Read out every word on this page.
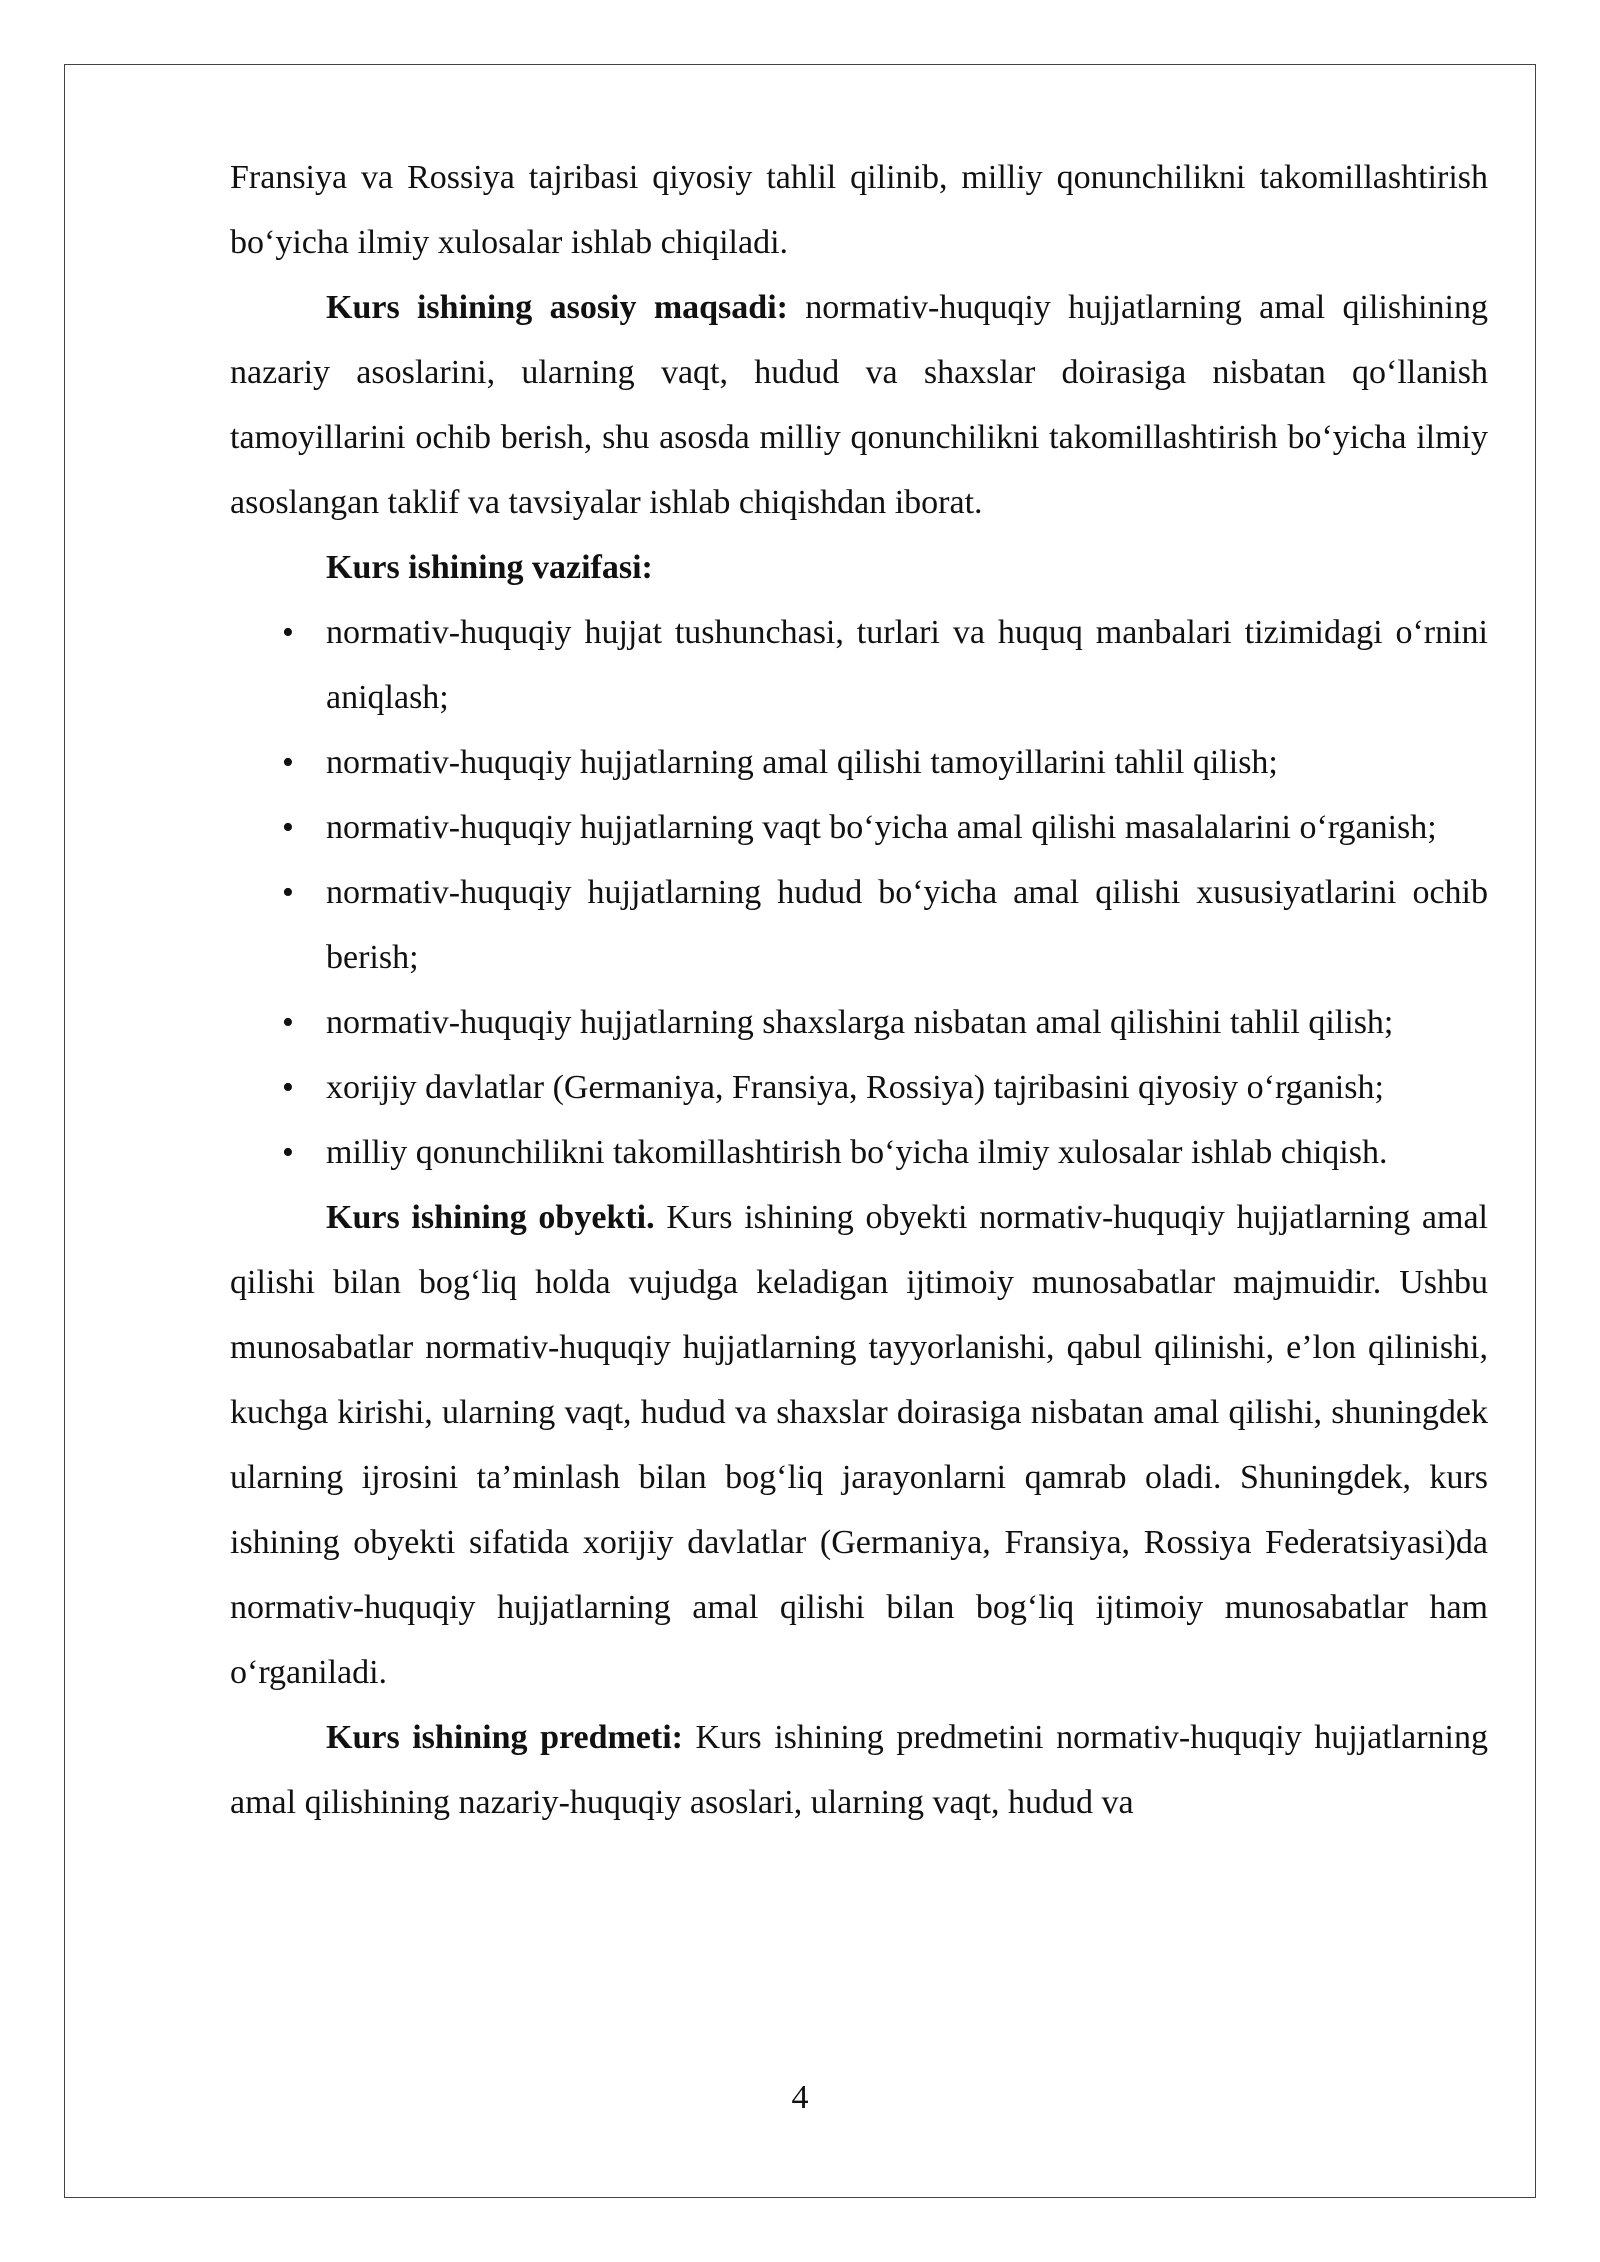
Fransiya va Rossiya tajribasi qiyosiy tahlil qilinib, milliy qonunchilikni takomillashtirish bo‘yicha ilmiy xulosalar ishlab chiqiladi.

Kurs ishining asosiy maqsadi: normativ-huquqiy hujjatlarning amal qilishining nazariy asoslarini, ularning vaqt, hudud va shaxslar doirasiga nisbatan qo‘llanish tamoyillarini ochib berish, shu asosda milliy qonunchilikni takomillashtirish bo‘yicha ilmiy asoslangan taklif va tavsiyalar ishlab chiqishdan iborat.

Kurs ishining vazifasi:

• normativ-huquqiy hujjat tushunchasi, turlari va huquq manbalari tizimidagi o‘rnini aniqlash;
• normativ-huquqiy hujjatlarning amal qilishi tamoyillarini tahlil qilish;
• normativ-huquqiy hujjatlarning vaqt bo‘yicha amal qilishi masalalarini o‘rganish;
• normativ-huquqiy hujjatlarning hudud bo‘yicha amal qilishi xususiyatlarini ochib berish;
• normativ-huquqiy hujjatlarning shaxslarga nisbatan amal qilishini tahlil qilish;
• xorijiy davlatlar (Germaniya, Fransiya, Rossiya) tajribasini qiyosiy o‘rganish;
• milliy qonunchilikni takomillashtirish bo‘yicha ilmiy xulosalar ishlab chiqish.

Kurs ishining obyekti. Kurs ishining obyekti normativ-huquqiy hujjatlarning amal qilishi bilan bog‘liq holda vujudga keladigan ijtimoiy munosabatlar majmuidir. Ushbu munosabatlar normativ-huquqiy hujjatlarning tayyorlanishi, qabul qilinishi, e’lon qilinishi, kuchga kirishi, ularning vaqt, hudud va shaxslar doirasiga nisbatan amal qilishi, shuningdek ularning ijrosini ta’minlash bilan bog‘liq jarayonlarni qamrab oladi. Shuningdek, kurs ishining obyekti sifatida xorijiy davlatlar (Germaniya, Fransiya, Rossiya Federatsiyasi)da normativ-huquqiy hujjatlarning amal qilishi bilan bog‘liq ijtimoiy munosabatlar ham o‘rganiladi.

Kurs ishining predmeti: Kurs ishining predmetini normativ-huquqiy hujjatlarning amal qilishining nazariy-huquqiy asoslari, ularning vaqt, hudud va

4
